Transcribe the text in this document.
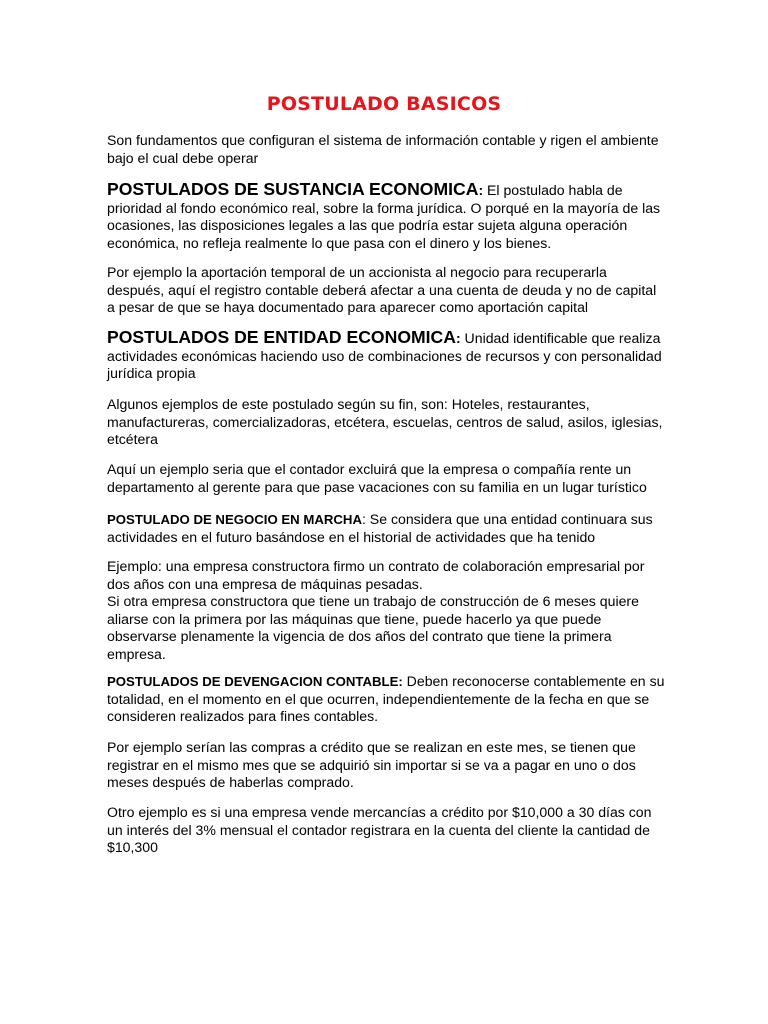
POSTULADO BASICOS

Son fundamentos que configuran el sistema de información contable y rigen el ambiente bajo el cual debe operar

POSTULADOS DE SUSTANCIA ECONOMICA: El postulado habla de prioridad al fondo económico real, sobre la forma jurídica. O porqué en la mayoría de las ocasiones, las disposiciones legales a las que podría estar sujeta alguna operación económica, no refleja realmente lo que pasa con el dinero y los bienes.

Por ejemplo la aportación temporal de un accionista al negocio para recuperarla después, aquí el registro contable deberá afectar a una cuenta de deuda y no de capital a pesar de que se haya documentado para aparecer como aportación capital

POSTULADOS DE ENTIDAD ECONOMICA: Unidad identificable que realiza actividades económicas haciendo uso de combinaciones de recursos y con personalidad jurídica propia

Algunos ejemplos de este postulado según su fin, son: Hoteles, restaurantes, manufactureras, comercializadoras, etcétera, escuelas, centros de salud, asilos, iglesias, etcétera

Aquí un ejemplo seria que el contador excluirá que la empresa o compañía rente un departamento al gerente para que pase vacaciones con su familia en un lugar turístico

POSTULADO DE NEGOCIO EN MARCHA: Se considera que una entidad continuara sus actividades en el futuro basándose en el historial de actividades que ha tenido

Ejemplo: una empresa constructora firmo un contrato de colaboración empresarial por dos años con una empresa de máquinas pesadas.

Si otra empresa constructora que tiene un trabajo de construcción de 6 meses quiere aliarse con la primera por las máquinas que tiene, puede hacerlo ya que puede observarse plenamente la vigencia de dos años del contrato que tiene la primera empresa.

POSTULADOS DE DEVENGACION CONTABLE: Deben reconocerse contablemente en su totalidad, en el momento en el que ocurren, independientemente de la fecha en que se consideren realizados para fines contables.

Por ejemplo serían las compras a crédito que se realizan en este mes, se tienen que registrar en el mismo mes que se adquirió sin importar si se va a pagar en uno o dos meses después de haberlas comprado.

Otro ejemplo es si una empresa vende mercancías a crédito por $10,000 a 30 días con un interés del 3% mensual el contador registrara en la cuenta del cliente la cantidad de $10,300
